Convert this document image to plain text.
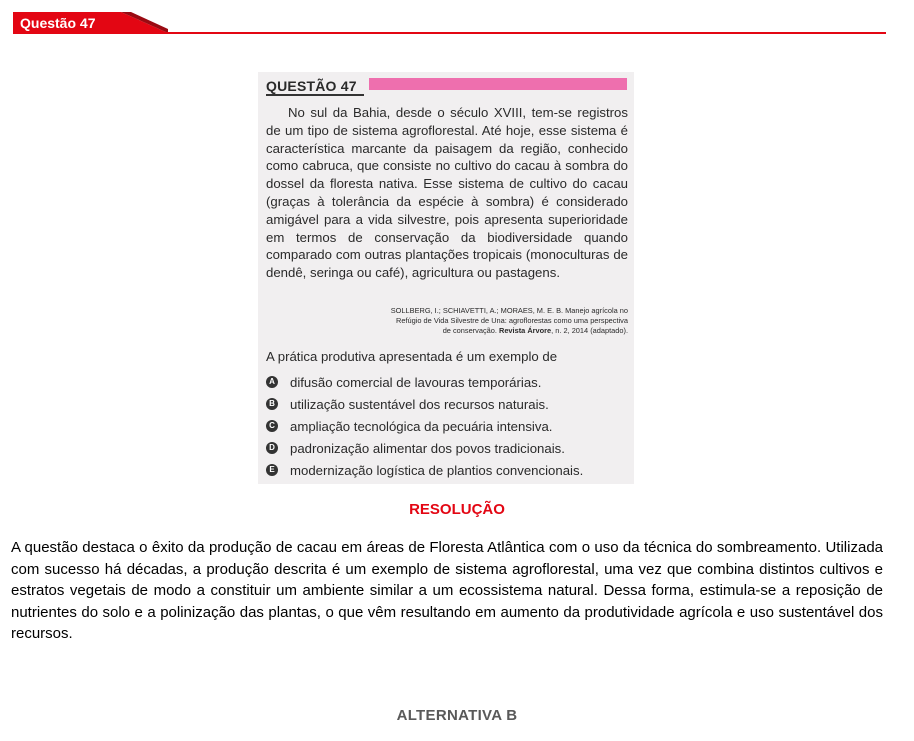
Questão 47
QUESTÃO 47

No sul da Bahia, desde o século XVIII, tem-se registros de um tipo de sistema agroflorestal. Até hoje, esse sistema é característica marcante da paisagem da região, conhecido como cabruca, que consiste no cultivo do cacau à sombra do dossel da floresta nativa. Esse sistema de cultivo do cacau (graças à tolerância da espécie à sombra) é considerado amigável para a vida silvestre, pois apresenta superioridade em termos de conservação da biodiversidade quando comparado com outras plantações tropicais (monoculturas de dendê, seringa ou café), agricultura ou pastagens.

SOLLBERG, I.; SCHIAVETTI, A.; MORAES, M. E. B. Manejo agrícola no
Refúgio de Vida Silvestre de Una: agroflorestas como uma perspectiva
de conservação. Revista Árvore, n. 2, 2014 (adaptado).

A prática produtiva apresentada é um exemplo de

A difusão comercial de lavouras temporárias.
B utilização sustentável dos recursos naturais.
C ampliação tecnológica da pecuária intensiva.
D padronização alimentar dos povos tradicionais.
E modernização logística de plantios convencionais.
RESOLUÇÃO

A questão destaca o êxito da produção de cacau em áreas de Floresta Atlântica com o uso da técnica do sombreamento. Utilizada com sucesso há décadas, a produção descrita é um exemplo de sistema agroflorestal, uma vez que combina distintos cultivos e estratos vegetais de modo a constituir um ambiente similar a um ecossistema natural. Dessa forma, estimula-se a reposição de nutrientes do solo e a polinização das plantas, o que vêm resultando em aumento da produtividade agrícola e uso sustentável dos recursos.

ALTERNATIVA B
